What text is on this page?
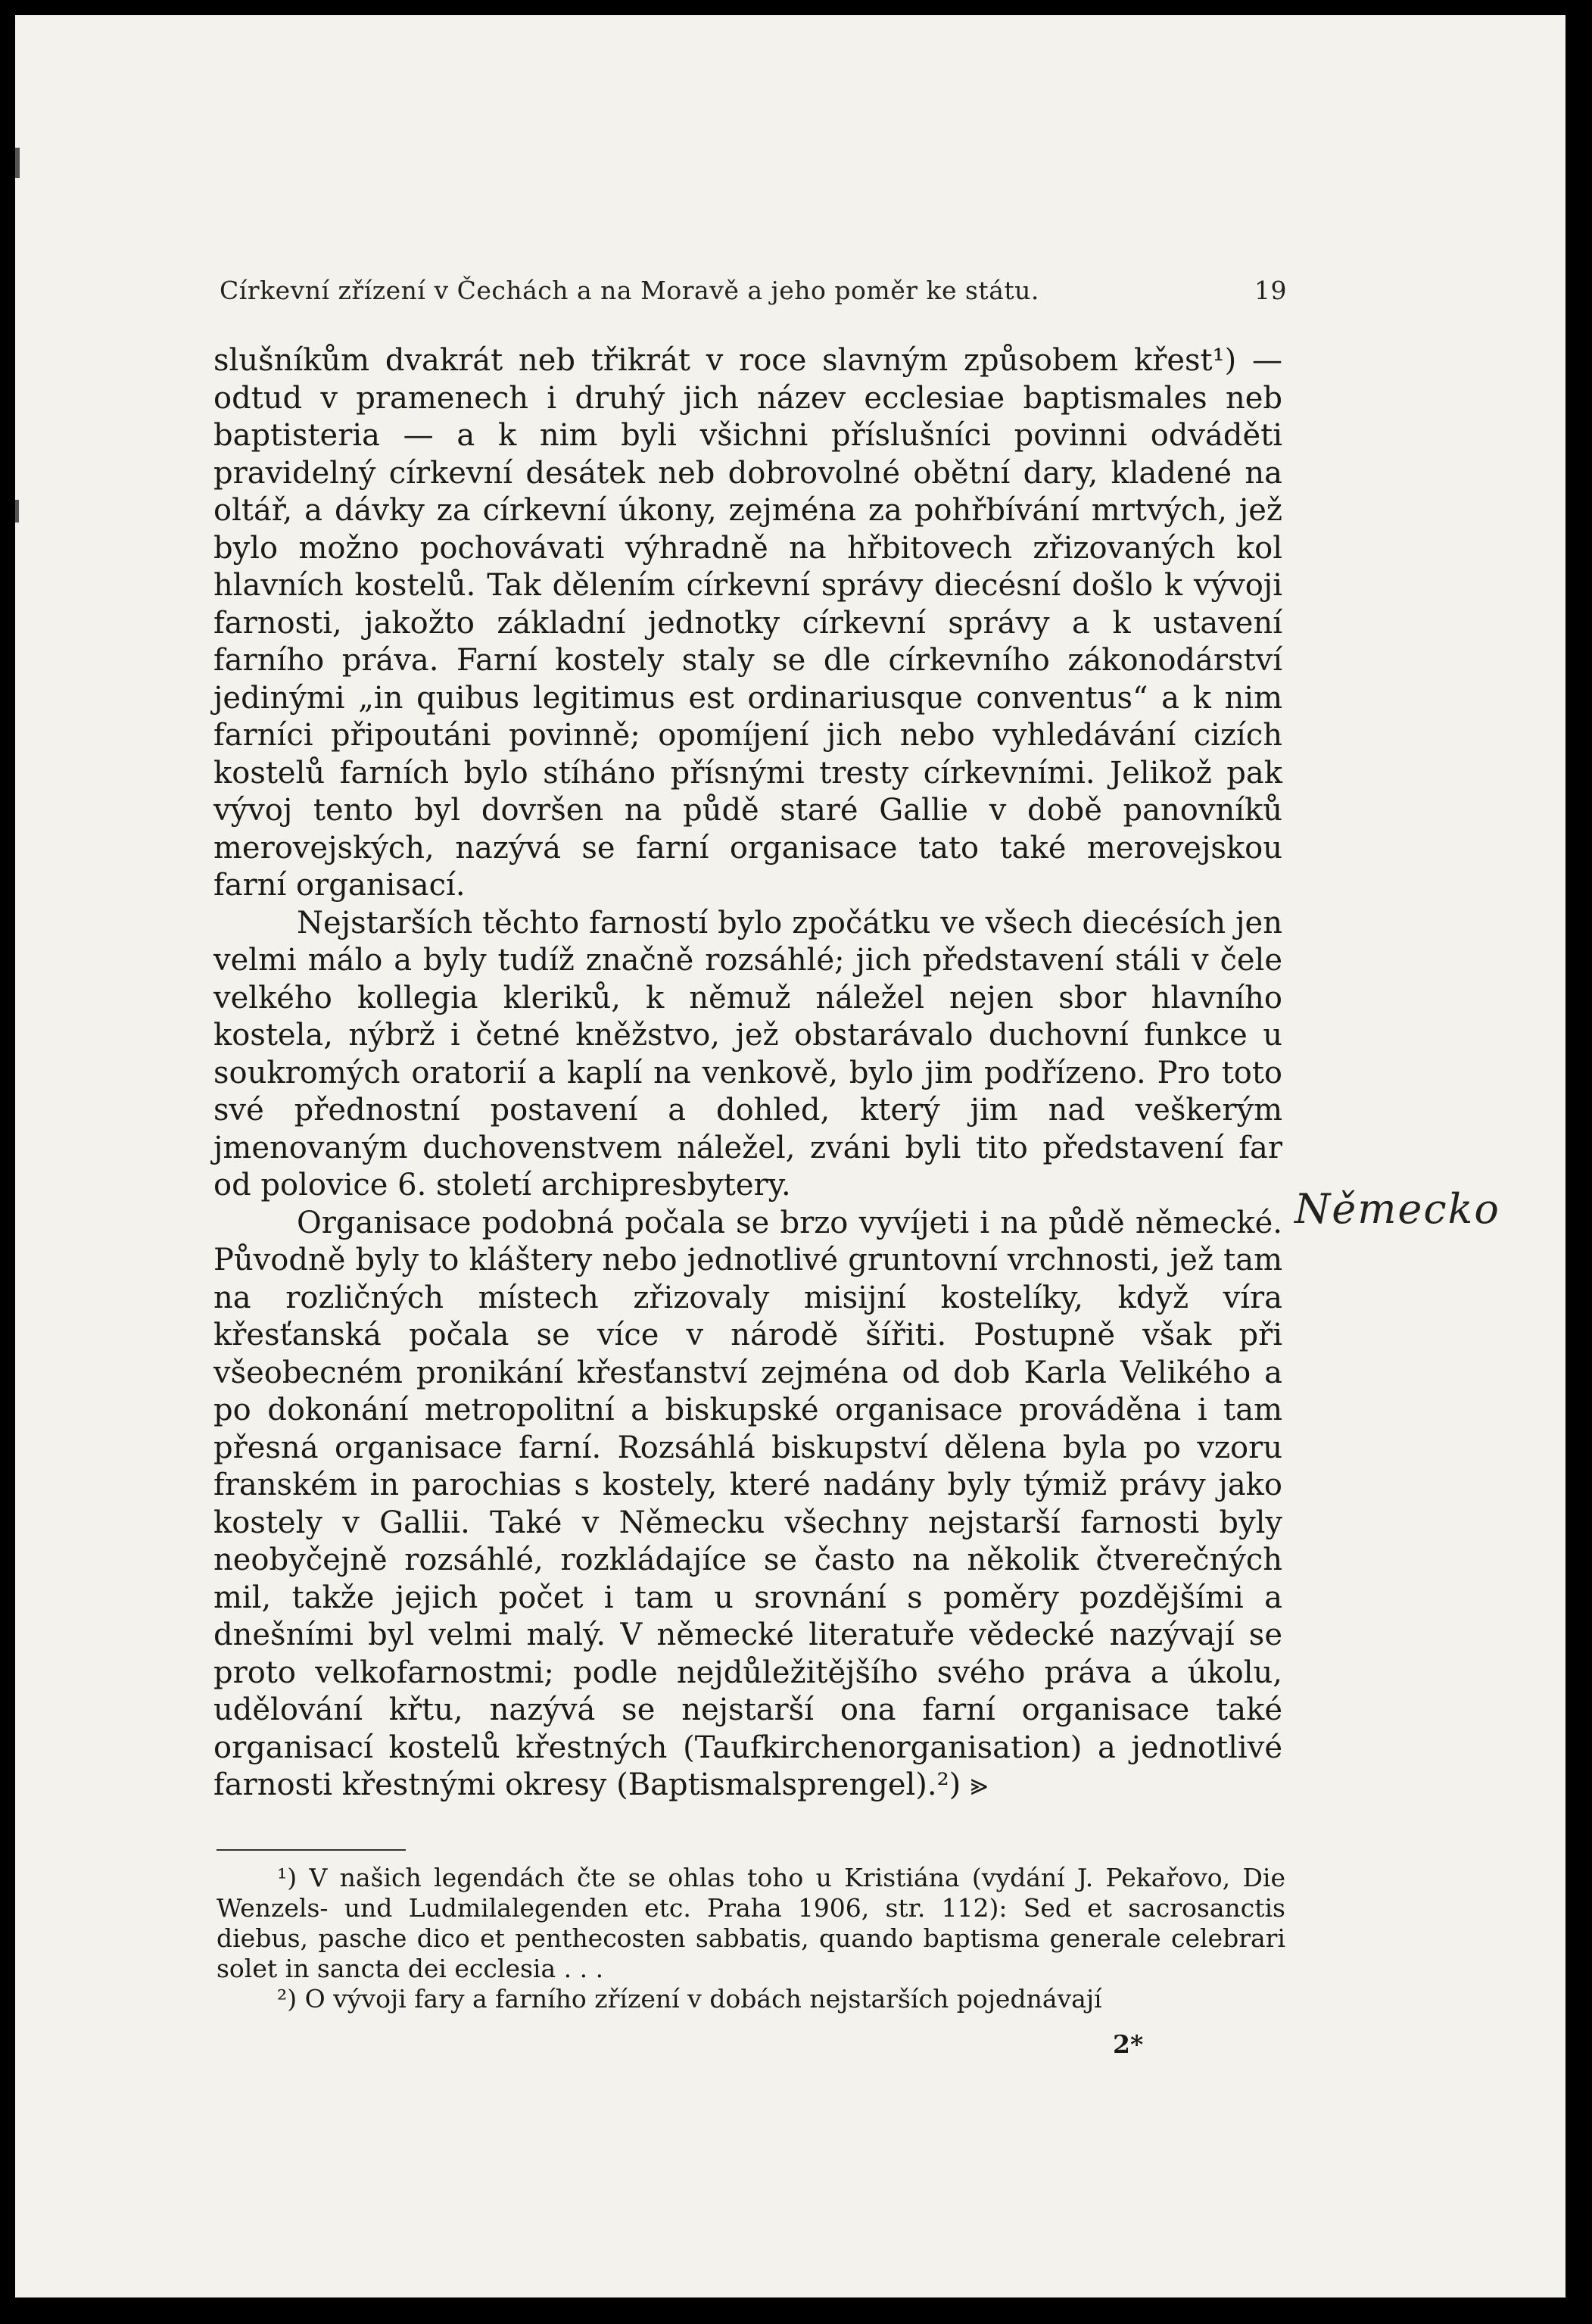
Církevní zřízení v Čechách a na Moravě a jeho poměr ke státu.	19

slušníkům dvakrát neb třikrát v roce slavným způsobem křest¹) — odtud v pramenech i druhý jich název ecclesiae baptismales neb baptisteria — a k nim byli všichni příslušníci povinni odváděti pravidelný církevní desátek neb dobrovolné obětní dary, kladené na oltář, a dávky za církevní úkony, zejména za pohřbívání mrtvých, jež bylo možno pochovávati výhradně na hřbitovech zřizovaných kol hlavních kostelů. Tak dělením církevní správy diecésní došlo k vývoji farnosti, jakožto základní jednotky církevní správy a k ustavení farního práva. Farní kostely staly se dle církevního zákonodárství jedinými „in quibus legitimus est ordinariusque conventus“ a k nim farníci připoutáni povinně; opomíjení jich nebo vyhledávání cizích kostelů farních bylo stíháno přísnými tresty církevními. Jelikož pak vývoj tento byl dovršen na půdě staré Gallie v době panovníků merovejských, nazývá se farní organisace tato také merovejskou farní organisací.

Nejstarších těchto farností bylo zpočátku ve všech diecésích jen velmi málo a byly tudíž značně rozsáhlé; jich představení stáli v čele velkého kollegia kleriků, k němuž náležel nejen sbor hlavního kostela, nýbrž i četné kněžstvo, jež obstarávalo duchovní funkce u soukromých oratorií a kaplí na venkově, bylo jim podřízeno. Pro toto své přednostní postavení a dohled, který jim nad veškerým jmenovaným duchovenstvem náležel, zváni byli tito představení far od polovice 6. století archipresbytery.

Organisace podobná počala se brzo vyvíjeti i na půdě německé. Původně byly to kláštery nebo jednotlivé gruntovní vrchnosti, jež tam na rozličných místech zřizovaly misijní kostelíky, když víra křesťanská počala se více v národě šířiti. Postupně však při všeobecném pronikání křesťanství zejména od dob Karla Velikého a po dokonání metropolitní a biskupské organisace prováděna i tam přesná organisace farní. Rozsáhlá biskupství dělena byla po vzoru franském in parochias s kostely, které nadány byly týmiž právy jako kostely v Gallii. Také v Německu všechny nejstarší farnosti byly neobyčejně rozsáhlé, rozkládajíce se často na několik čtverečných mil, takže jejich počet i tam u srovnání s poměry pozdějšími a dnešními byl velmi malý. V německé literatuře vědecké nazývají se proto velkofarnostmi; podle nejdůležitějšího svého práva a úkolu, udělování křtu, nazývá se nejstarší ona farní organisace také organisací kostelů křestných (Taufkirchenorganisation) a jednotlivé farnosti křestnými okresy (Baptismalsprengel).²) ⪢

Německo

¹) V našich legendách čte se ohlas toho u Kristiána (vydání J. Pekařovo, Die Wenzels- und Ludmilalegenden etc. Praha 1906, str. 112): Sed et sacrosanctis diebus, pasche dico et penthecosten sabbatis, quando baptisma generale celebrari solet in sancta dei ecclesia . . .

²) O vývoji fary a farního zřízení v dobách nejstarších pojednávají

2*
